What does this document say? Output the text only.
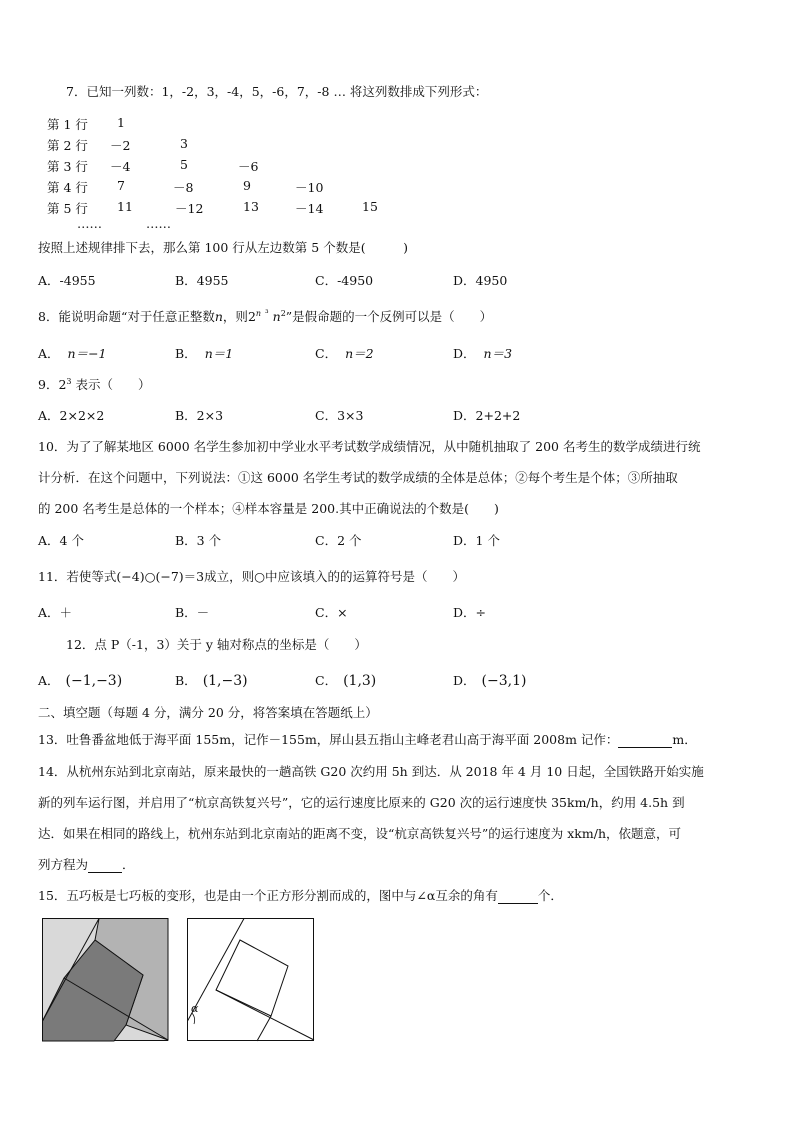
7．已知一列数：1，-2，3，-4，5，-6，7，-8 … 将这列数排成下列形式：
第 1 行 1
第 2 行 －2	3
第 3 行 －4	5	－6
第 4 行 7	－8	9	－10
第 5 行 11	－12	13	－14	15
……	……
按照上述规律排下去，那么第 100 行从左边数第 5 个数是(　　　)
A．-4955	B．4955	C．-4950	D．4950
8．能说明命题“对于任意正整数n，则2$^n$ $^{^3}$ $n^2$”是假命题的一个反例可以是（　　）
A． n＝−1	B． n＝1	C． n＝2	D． n＝3
9．$2^3$ 表示（　　）
A．2×2×2	B．2×3	C．3×3	D．2+2+2
10．为了了解某地区 6000 名学生参加初中学业水平考试数学成绩情况，从中随机抽取了 200 名考生的数学成绩进行统
计分析．在这个问题中，下列说法：①这 6000 名学生考试的数学成绩的全体是总体；②每个考生是个体；③所抽取
的 200 名考生是总体的一个样本；④样本容量是 200.其中正确说法的个数是(　　)
A．4 个	B．3 个	C．2 个	D．1 个
11．若使等式(−4)○(−7)＝3成立，则○中应该填入的的运算符号是（　　）
A．＋	B．－	C．×	D．÷
12．点 P（-1，3）关于 y 轴对称点的坐标是（　　）
A． (−1,−3)	B． (1,−3)	C． (1,3)	D． (−3,1)
二、填空题（每题 4 分，满分 20 分，将答案填在答题纸上）
13．吐鲁番盆地低于海平面 155m，记作－155m，屏山县五指山主峰老君山高于海平面 2008m 记作：	m．
14．从杭州东站到北京南站，原来最快的一趟高铁 G20 次约用 5h 到达．从 2018 年 4 月 10 日起，全国铁路开始实施
新的列车运行图，并启用了“杭京高铁复兴号”，它的运行速度比原来的 G20 次的运行速度快 35km/h，约用 4.5h 到
达．如果在相同的路线上，杭州东站到北京南站的距离不变，设“杭京高铁复兴号”的运行速度为 xkm/h，依题意，可
列方程为	．
15．五巧板是七巧板的变形，也是由一个正方形分割而成的，图中与∠α互余的角有	个．
α
